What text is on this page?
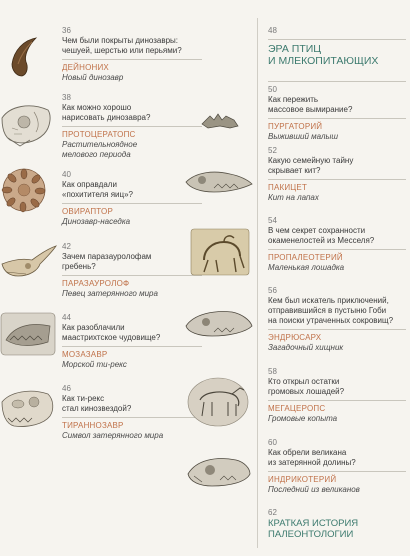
36
Чем были покрыты динозавры:
чешуей, шерстью или перьями?
ДЕЙНОНИХ
Новый динозавр
38
Как можно хорошо
нарисовать динозавра?
ПРОТОЦЕРАТОПС
Растительноядное
мелового периода
40
Как оправдали
«похитителя яиц»?
ОВИРАПТОР
Динозавр-наседка
42
Зачем паразауролофам
гребень?
ПАРАЗАУРОЛОФ
Певец затерянного мира
44
Как разоблачили
маастрихтское чудовище?
МОЗАЗАВР
Морской ти-рекс
46
Как ти-рекс
стал кинозвездой?
ТИРАННОЗАВР
Символ затерянного мира
48
ЭРА ПТИЦ
И МЛЕКОПИТАЮЩИХ
50
Как пережить
массовое вымирание?
ПУРГАТОРИЙ
Выживший малыш
52
Какую семейную тайну
скрывает кит?
ПАКИЦЕТ
Кит на лапах
54
В чем секрет сохранности
окаменелостей из Месселя?
ПРОПАЛЕОТЕРИЙ
Маленькая лошадка
56
Кем был искатель приключений,
отправившийся в пустыню Гоби
на поиски утраченных сокровищ?
ЭНДРЮСАРХ
Загадочный хищник
58
Кто открыл остатки
громовых лошадей?
МЕГАЦЕРОПС
Громовые копыта
60
Как обрели великана
из затерянной долины?
ИНДРИКОТЕРИЙ
Последний из великанов
62
КРАТКАЯ ИСТОРИЯ
ПАЛЕОНТОЛОГИИ
